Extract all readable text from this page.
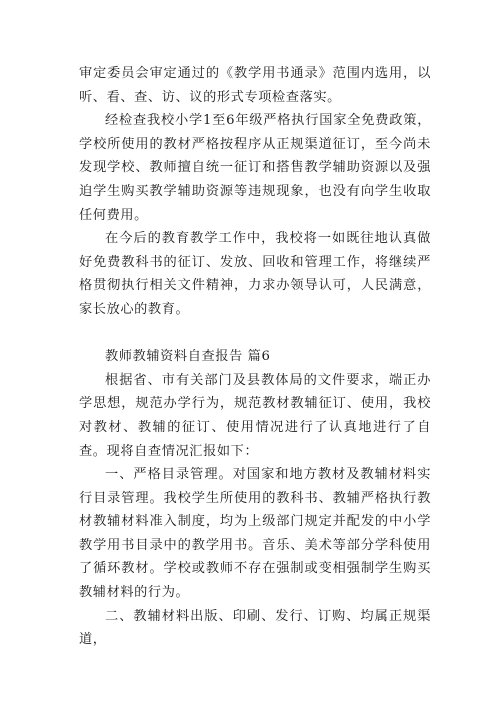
审定委员会审定通过的《教学用书通录》范围内选用，以听、看、查、访、议的形式专项检查落实。

经检查我校小学1至6年级严格执行国家全免费政策，学校所使用的教材严格按程序从正规渠道征订，至今尚未发现学校、教师擅自统一征订和搭售教学辅助资源以及强迫学生购买教学辅助资源等违规现象，也没有向学生收取任何费用。

在今后的教育教学工作中，我校将一如既往地认真做好免费教科书的征订、发放、回收和管理工作，将继续严格贯彻执行相关文件精神，力求办领导认可，人民满意，家长放心的教育。

教师教辅资料自查报告 篇6

根据省、市有关部门及县教体局的文件要求，端正办学思想，规范办学行为，规范教材教辅征订、使用，我校对教材、教辅的征订、使用情况进行了认真地进行了自查。现将自查情况汇报如下：

一、严格目录管理。对国家和地方教材及教辅材料实行目录管理。我校学生所使用的教科书、教辅严格执行教材教辅材料准入制度，均为上级部门规定并配发的中小学教学用书目录中的教学用书。音乐、美术等部分学科使用了循环教材。学校或教师不存在强制或变相强制学生购买教辅材料的行为。

二、教辅材料出版、印刷、发行、订购、均属正规渠道，
